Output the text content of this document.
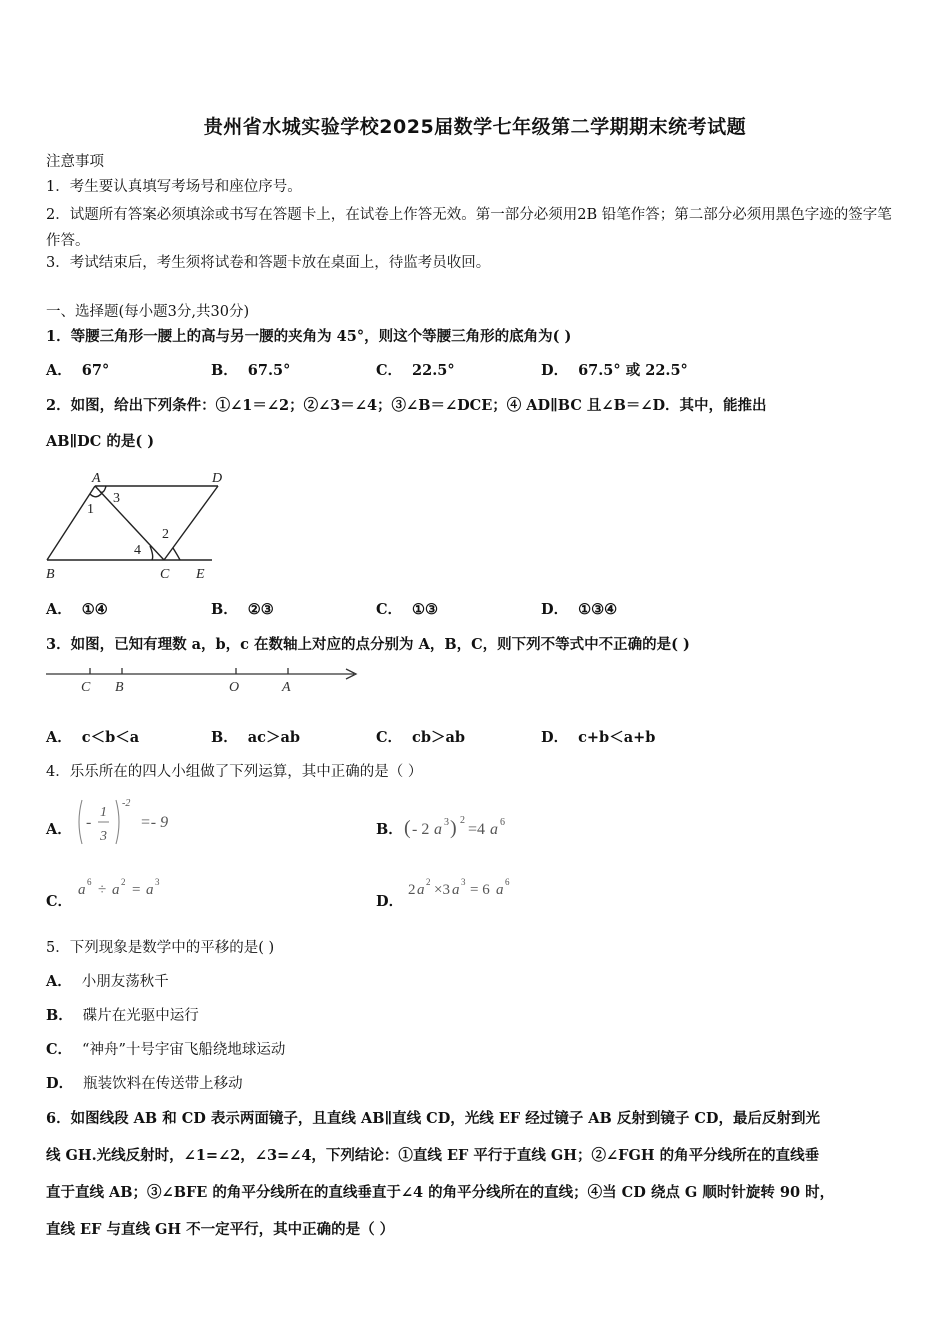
贵州省水城实验学校2025届数学七年级第二学期期末统考试题
注意事项
1．考生要认真填写考场号和座位序号。
2．试题所有答案必须填涂或书写在答题卡上，在试卷上作答无效。第一部分必须用2B 铅笔作答；第二部分必须用黑色字迹的签字笔作答。
3．考试结束后，考生须将试卷和答题卡放在桌面上，待监考员收回。
一、选择题(每小题3分,共30分)
1．等腰三角形一腰上的高与另一腰的夹角为 45°，则这个等腰三角形的底角为( )
A． 67°	B． 67.5°	C． 22.5°	D． 67.5° 或 22.5°
2．如图，给出下列条件：①∠1＝∠2；②∠3＝∠4；③∠B＝∠DCE；④ AD∥BC 且∠B＝∠D．其中，能推出
AB∥DC 的是( )
A	D
B	C E
1
2
3
4
A． ①④	B． ②③	C． ①③	D． ①③④
3．如图，已知有理数 a，b，c 在数轴上对应的点分别为 A，B，C，则下列不等式中不正确的是( )
C B	O	A
A． c＜b＜a	B． ac＞ab	C． cb＞ab	D． c+b＜a+b
4．乐乐所在的四人小组做了下列运算，其中正确的是（ ）
A． -
1
3
-2
=- 9	B． ( - 2 a 3 ) 2
=4 a 6
C．
a 6 ÷ a 2 = a 3
D．
2 a 2 ×3 a 3 = 6 a 6
5．下列现象是数学中的平移的是( )
A． 小朋友荡秋千
B． 碟片在光驱中运行
C． “神舟”十号宇宙飞船绕地球运动
D． 瓶装饮料在传送带上移动
6．如图线段 AB 和 CD 表示两面镜子，且直线 AB∥直线 CD，光线 EF 经过镜子 AB 反射到镜子 CD，最后反射到光
线 GH.光线反射时，∠1=∠2，∠3=∠4，下列结论：①直线 EF 平行于直线 GH；②∠FGH 的角平分线所在的直线垂
直于直线 AB；③∠BFE 的角平分线所在的直线垂直于∠4 的角平分线所在的直线；④当 CD 绕点 G 顺时针旋转 90 时，
直线 EF 与直线 GH 不一定平行，其中正确的是（ ）
